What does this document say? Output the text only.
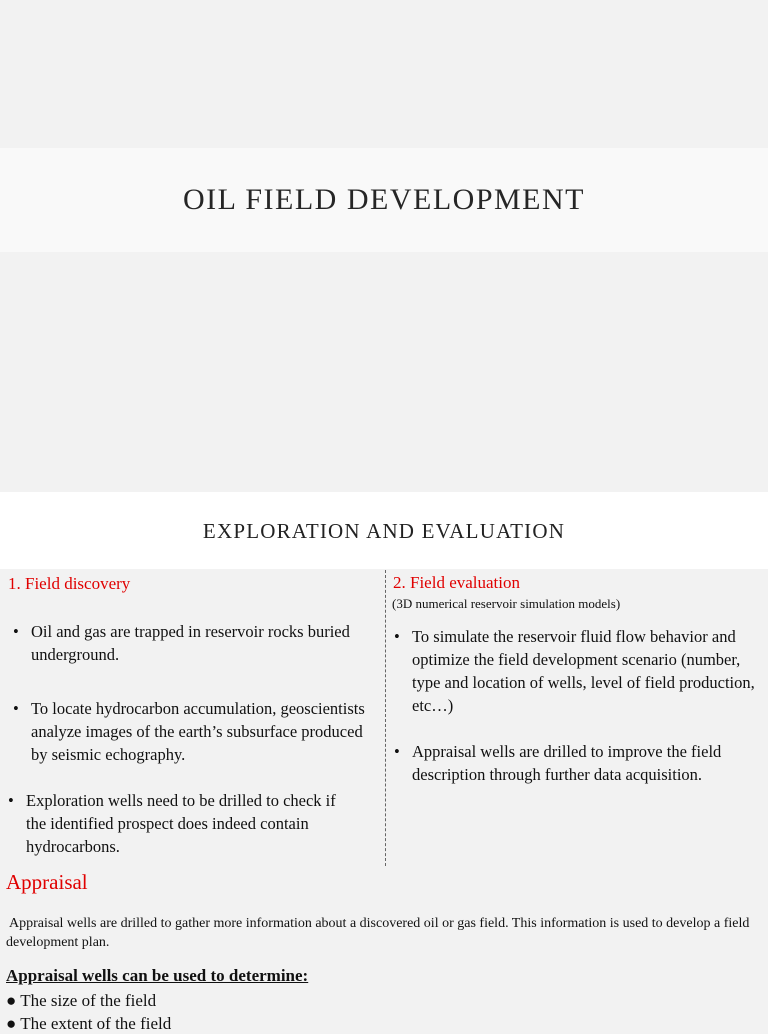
OIL FIELD DEVELOPMENT
EXPLORATION AND EVALUATION
1. Field discovery
• Oil and gas are trapped in reservoir rocks buried underground.
• To locate hydrocarbon accumulation, geoscientists analyze images of the earth’s subsurface produced by seismic echography.
• Exploration wells need to be drilled to check if the identified prospect does indeed contain hydrocarbons.
2. Field evaluation
(3D numerical reservoir simulation models)
• To simulate the reservoir fluid flow behavior and optimize the field development scenario (number, type and location of wells, level of field production, etc…)
• Appraisal wells are drilled to improve the field description through further data acquisition.
Appraisal
Appraisal wells are drilled to gather more information about a discovered oil or gas field. This information is used to develop a field development plan.
Appraisal wells can be used to determine:
● The size of the field
● The extent of the field
